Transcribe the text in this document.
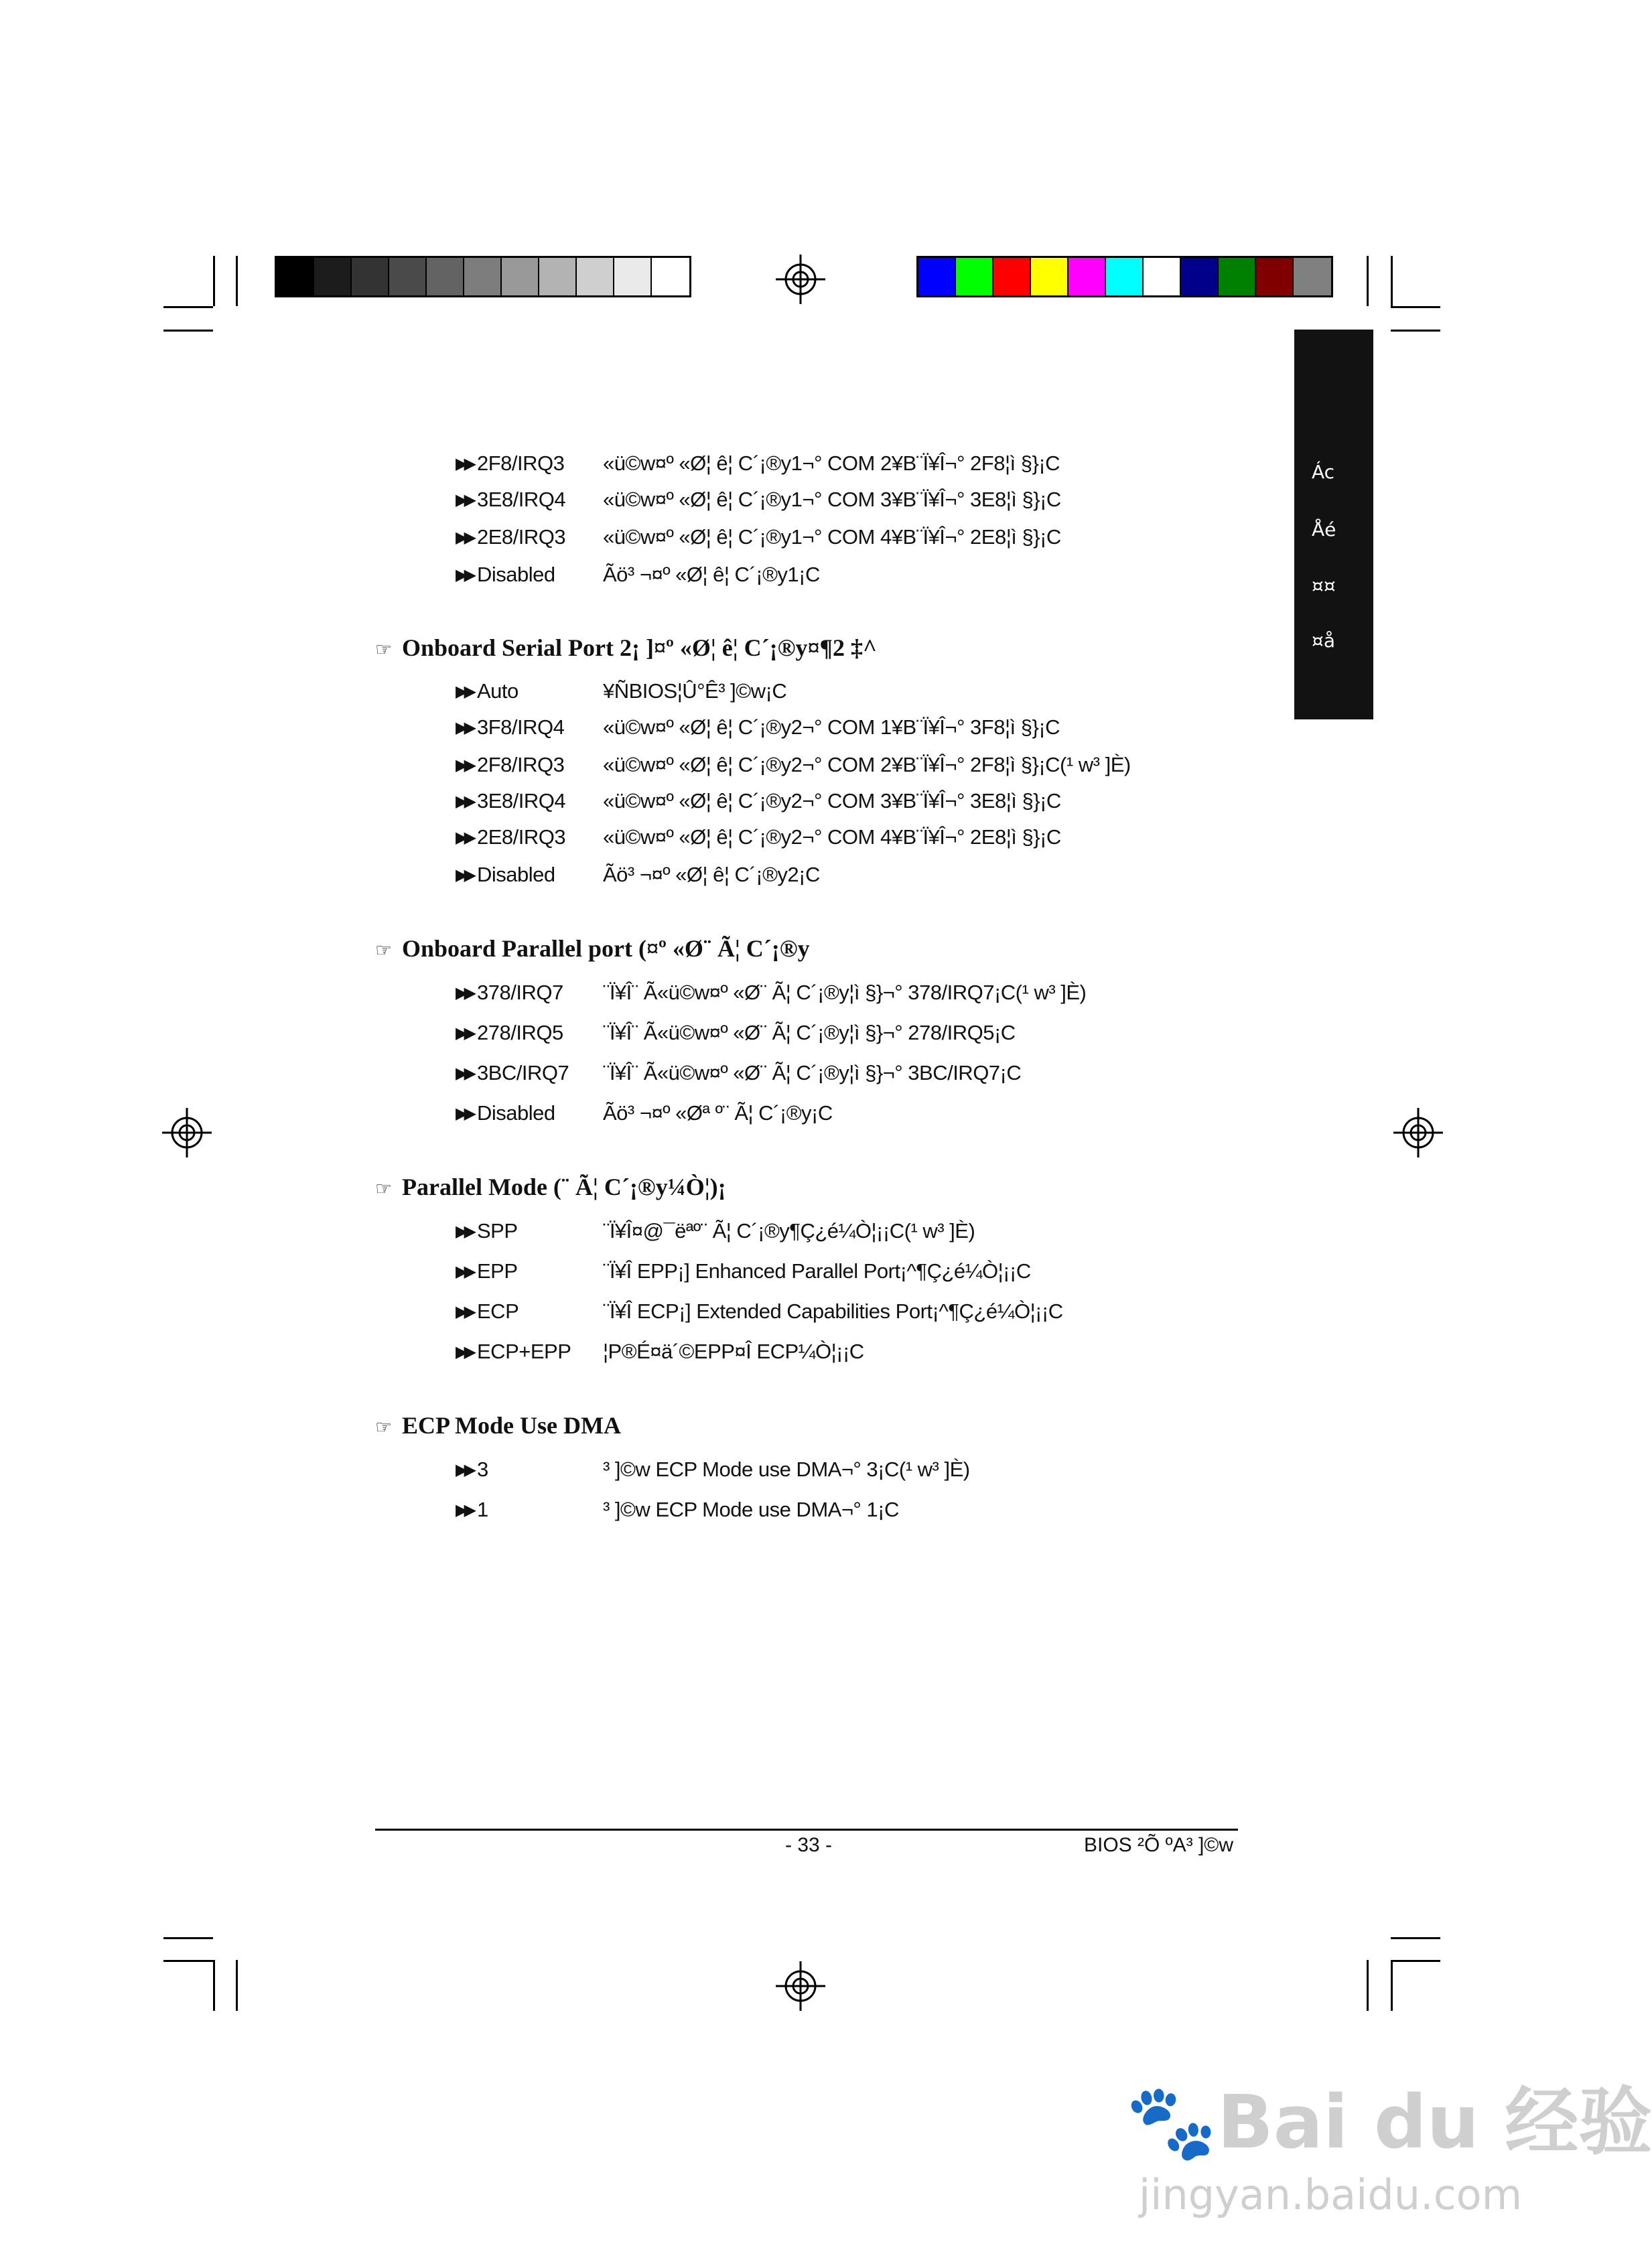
Ác
Åé
¤¤
¤å
▶▶ 2F8/IRQ3 «ü©w¤º «Ø¦ ê¦ C´¡®y1¬° COM 2¥B¨Ï¥Î¬° 2F8¦ì §}¡C
▶▶ 3E8/IRQ4 «ü©w¤º «Ø¦ ê¦ C´¡®y1¬° COM 3¥B¨Ï¥Î¬° 3E8¦ì §}¡C
▶▶ 2E8/IRQ3 «ü©w¤º «Ø¦ ê¦ C´¡®y1¬° COM 4¥B¨Ï¥Î¬° 2E8¦ì §}¡C
▶▶ Disabled Ãö³ ¬¤º «Ø¦ ê¦ C´¡®y1¡C
☞ Onboard Serial Port 2¡ ]¤º «Ø¦ ê¦ C´¡®y¤¶2 ‡^
▶▶ Auto	¥ÑBIOS¦Û°Ê³ ]©w¡C
▶▶ 3F8/IRQ4 «ü©w¤º «Ø¦ ê¦ C´¡®y2¬° COM 1¥B¨Ï¥Î¬° 3F8¦ì §}¡C
▶▶ 2F8/IRQ3 «ü©w¤º «Ø¦ ê¦ C´¡®y2¬° COM 2¥B¨Ï¥Î¬° 2F8¦ì §}¡C(¹ w³ ]È)
▶▶ 3E8/IRQ4 «ü©w¤º «Ø¦ ê¦ C´¡®y2¬° COM 3¥B¨Ï¥Î¬° 3E8¦ì §}¡C
▶▶ 2E8/IRQ3 «ü©w¤º «Ø¦ ê¦ C´¡®y2¬° COM 4¥B¨Ï¥Î¬° 2E8¦ì §}¡C
▶▶ Disabled Ãö³ ¬¤º «Ø¦ ê¦ C´¡®y2¡C
☞ Onboard Parallel port (¤º «Ø¨ Ã¦ C´¡®y
▶▶ 378/IRQ7 ¨Ï¥Î¨ Ã«ü©w¤º «Ø¨ Ã¦ C´¡®y¦ì §}¬° 378/IRQ7¡C(¹ w³ ]È)
▶▶ 278/IRQ5 ¨Ï¥Î¨ Ã«ü©w¤º «Ø¨ Ã¦ C´¡®y¦ì §}¬° 278/IRQ5¡C
▶▶ 3BC/IRQ7 ¨Ï¥Î¨ Ã«ü©w¤º «Ø¨ Ã¦ C´¡®y¦ì §}¬° 3BC/IRQ7¡C
▶▶ Disabled Ãö³ ¬¤º «Øª º¨ Ã¦ C´¡®y¡C
☞ Parallel Mode (¨ Ã¦ C´¡®y¼Ò¦)¡
▶▶ SPP	¨Ï¥Î¤@¯ëªº¨ Ã¦ C´¡®y¶Ç¿é¼Ò¦¡¡C(¹ w³ ]È)
▶▶ EPP	¨Ï¥Î EPP¡] Enhanced Parallel Port¡^¶Ç¿é¼Ò¦¡¡C
▶▶ ECP	¨Ï¥Î ECP¡] Extended Capabilities Port¡^¶Ç¿é¼Ò¦¡¡C
▶▶ ECP+EPP ¦P®É¤ä´©EPP¤Î ECP¼Ò¦¡¡C
☞ ECP Mode Use DMA
▶▶ 3	³ ]©w ECP Mode use DMA¬° 3¡C(¹ w³ ]È)
▶▶ 1	³ ]©w ECP Mode use DMA¬° 1¡C
- 33 -	BIOS ²Õ ºA³ ]©w
🐾Bai du 经验
jingyan.baidu.com
